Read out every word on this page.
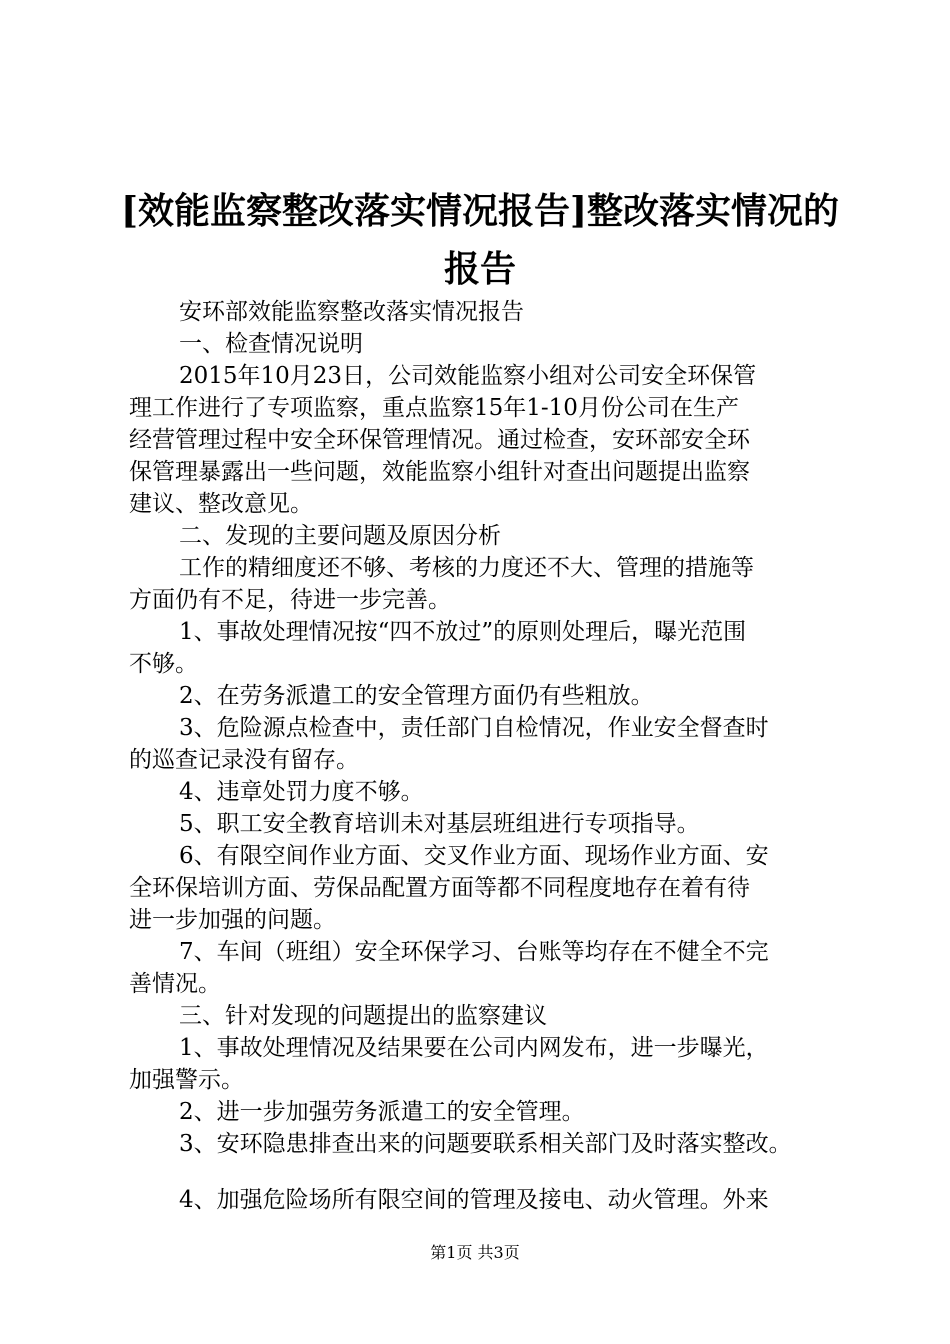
[效能监察整改落实情况报告]整改落实情况的
报告
安环部效能监察整改落实情况报告
一、检查情况说明
2015年10月23日，公司效能监察小组对公司安全环保管
理工作进行了专项监察，重点监察15年1-10月份公司在生产
经营管理过程中安全环保管理情况。通过检查，安环部安全环
保管理暴露出一些问题，效能监察小组针对查出问题提出监察
建议、整改意见。
二、发现的主要问题及原因分析
工作的精细度还不够、考核的力度还不大、管理的措施等
方面仍有不足，待进一步完善。
1、事故处理情况按“四不放过”的原则处理后，曝光范围
不够。
2、在劳务派遣工的安全管理方面仍有些粗放。
3、危险源点检查中，责任部门自检情况，作业安全督查时
的巡查记录没有留存。
4、违章处罚力度不够。
5、职工安全教育培训未对基层班组进行专项指导。
6、有限空间作业方面、交叉作业方面、现场作业方面、安
全环保培训方面、劳保品配置方面等都不同程度地存在着有待
进一步加强的问题。
7、车间（班组）安全环保学习、台账等均存在不健全不完
善情况。
三、针对发现的问题提出的监察建议
1、事故处理情况及结果要在公司内网发布，进一步曝光，
加强警示。
2、进一步加强劳务派遣工的安全管理。
3、安环隐患排查出来的问题要联系相关部门及时落实整改。
4、加强危险场所有限空间的管理及接电、动火管理。外来
第1页 共3页
